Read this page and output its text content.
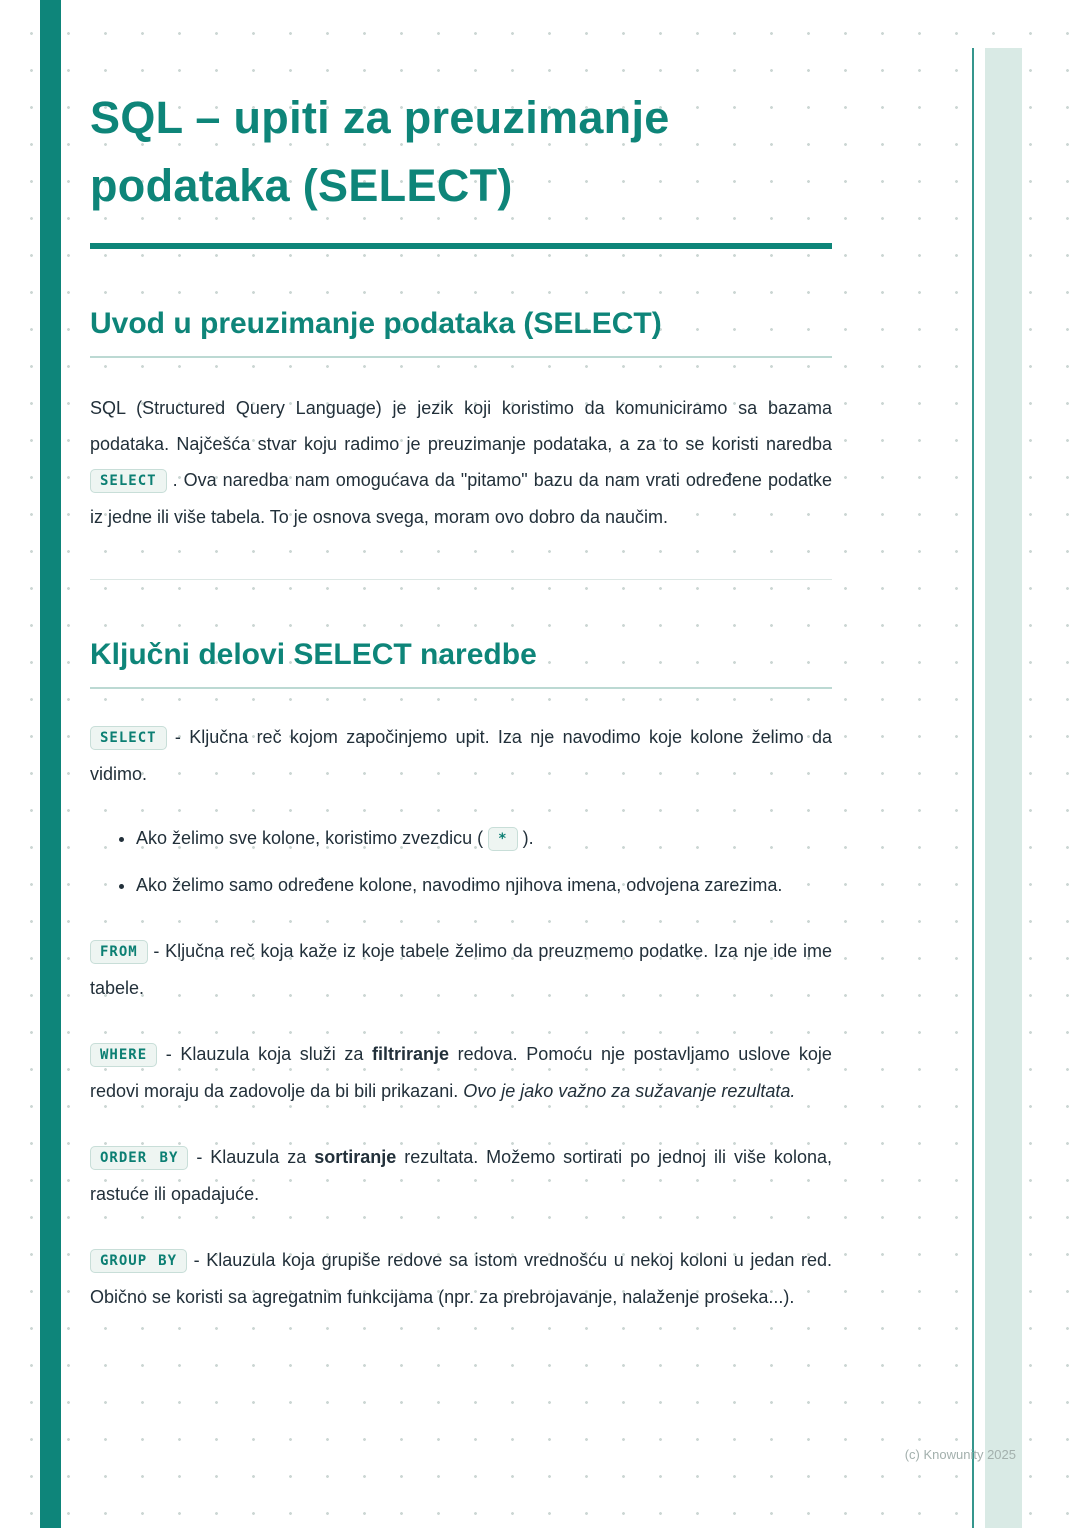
SQL – upiti za preuzimanje podataka (SELECT)
Uvod u preuzimanje podataka (SELECT)

SQL (Structured Query Language) je jezik koji koristimo da komuniciramo sa bazama podataka. Najčešća stvar koju radimo je preuzimanje podataka, a za to se koristi naredba SELECT . Ova naredba nam omogućava da "pitamo" bazu da nam vrati određene podatke iz jedne ili više tabela. To je osnova svega, moram ovo dobro da naučim.

Ključni delovi SELECT naredbe

SELECT - Ključna reč kojom započinjemo upit. Iza nje navodimo koje kolone želimo da vidimo.

• Ako želimo sve kolone, koristimo zvezdicu ( * ).
• Ako želimo samo određene kolone, navodimo njihova imena, odvojena zarezima.

FROM - Ključna reč koja kaže iz koje tabele želimo da preuzmemo podatke. Iza nje ide ime tabele.

WHERE - Klauzula koja služi za filtriranje redova. Pomoću nje postavljamo uslove koje redovi moraju da zadovolje da bi bili prikazani. Ovo je jako važno za sužavanje rezultata.

ORDER BY - Klauzula za sortiranje rezultata. Možemo sortirati po jednoj ili više kolona, rastuće ili opadajuće.

GROUP BY - Klauzula koja grupiše redove sa istom vrednošću u nekoj koloni u jedan red. Obično se koristi sa agregatnim funkcijama (npr. za prebrojavanje, nalaženje proseka...).

(c) Knowunity 2025
